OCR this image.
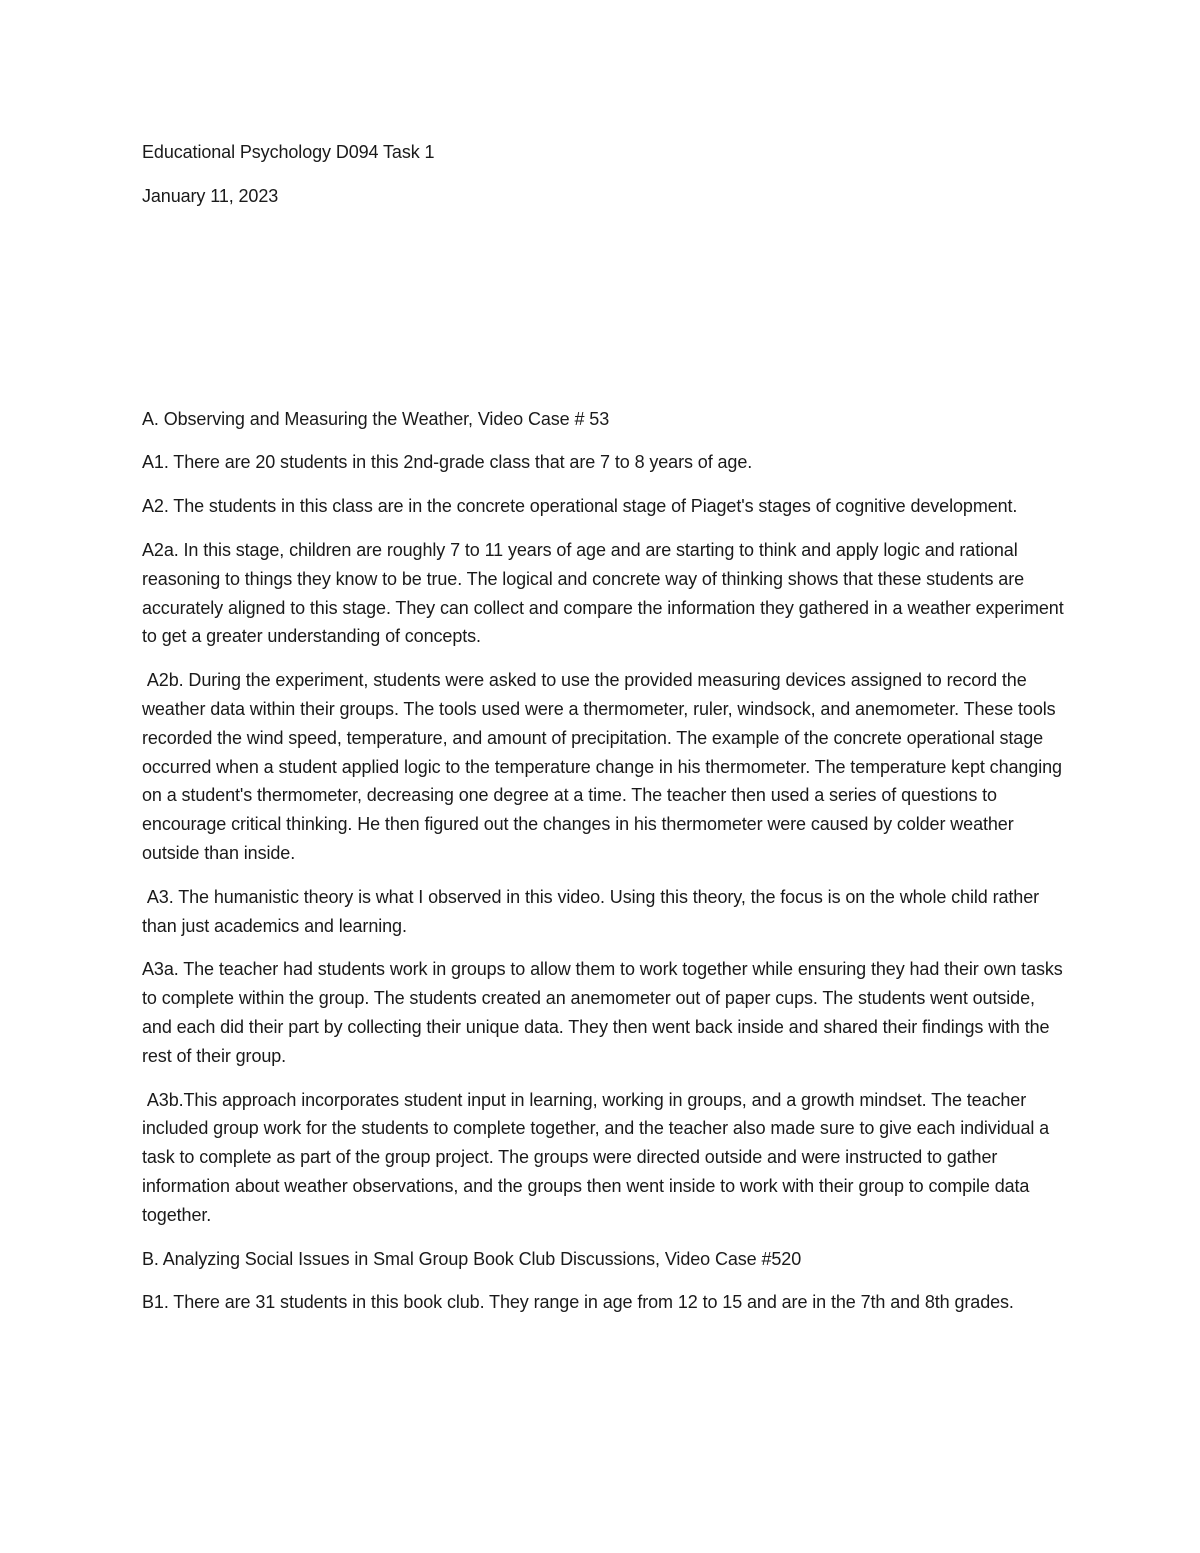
Educational Psychology D094 Task 1

January 11, 2023

A. Observing and Measuring the Weather, Video Case # 53

A1. There are 20 students in this 2nd-grade class that are 7 to 8 years of age.

A2. The students in this class are in the concrete operational stage of Piaget's stages of cognitive development.

A2a. In this stage, children are roughly 7 to 11 years of age and are starting to think and apply logic and rational reasoning to things they know to be true. The logical and concrete way of thinking shows that these students are accurately aligned to this stage. They can collect and compare the information they gathered in a weather experiment to get a greater understanding of concepts.

A2b. During the experiment, students were asked to use the provided measuring devices assigned to record the weather data within their groups. The tools used were a thermometer, ruler, windsock, and anemometer. These tools recorded the wind speed, temperature, and amount of precipitation. The example of the concrete operational stage occurred when a student applied logic to the temperature change in his thermometer. The temperature kept changing on a student's thermometer, decreasing one degree at a time. The teacher then used a series of questions to encourage critical thinking. He then figured out the changes in his thermometer were caused by colder weather outside than inside.

A3. The humanistic theory is what I observed in this video. Using this theory, the focus is on the whole child rather than just academics and learning.

A3a. The teacher had students work in groups to allow them to work together while ensuring they had their own tasks to complete within the group. The students created an anemometer out of paper cups. The students went outside, and each did their part by collecting their unique data. They then went back inside and shared their findings with the rest of their group.

A3b.This approach incorporates student input in learning, working in groups, and a growth mindset. The teacher included group work for the students to complete together, and the teacher also made sure to give each individual a task to complete as part of the group project. The groups were directed outside and were instructed to gather information about weather observations, and the groups then went inside to work with their group to compile data together.

B. Analyzing Social Issues in Smal Group Book Club Discussions, Video Case #520

B1. There are 31 students in this book club. They range in age from 12 to 15 and are in the 7th and 8th grades.
